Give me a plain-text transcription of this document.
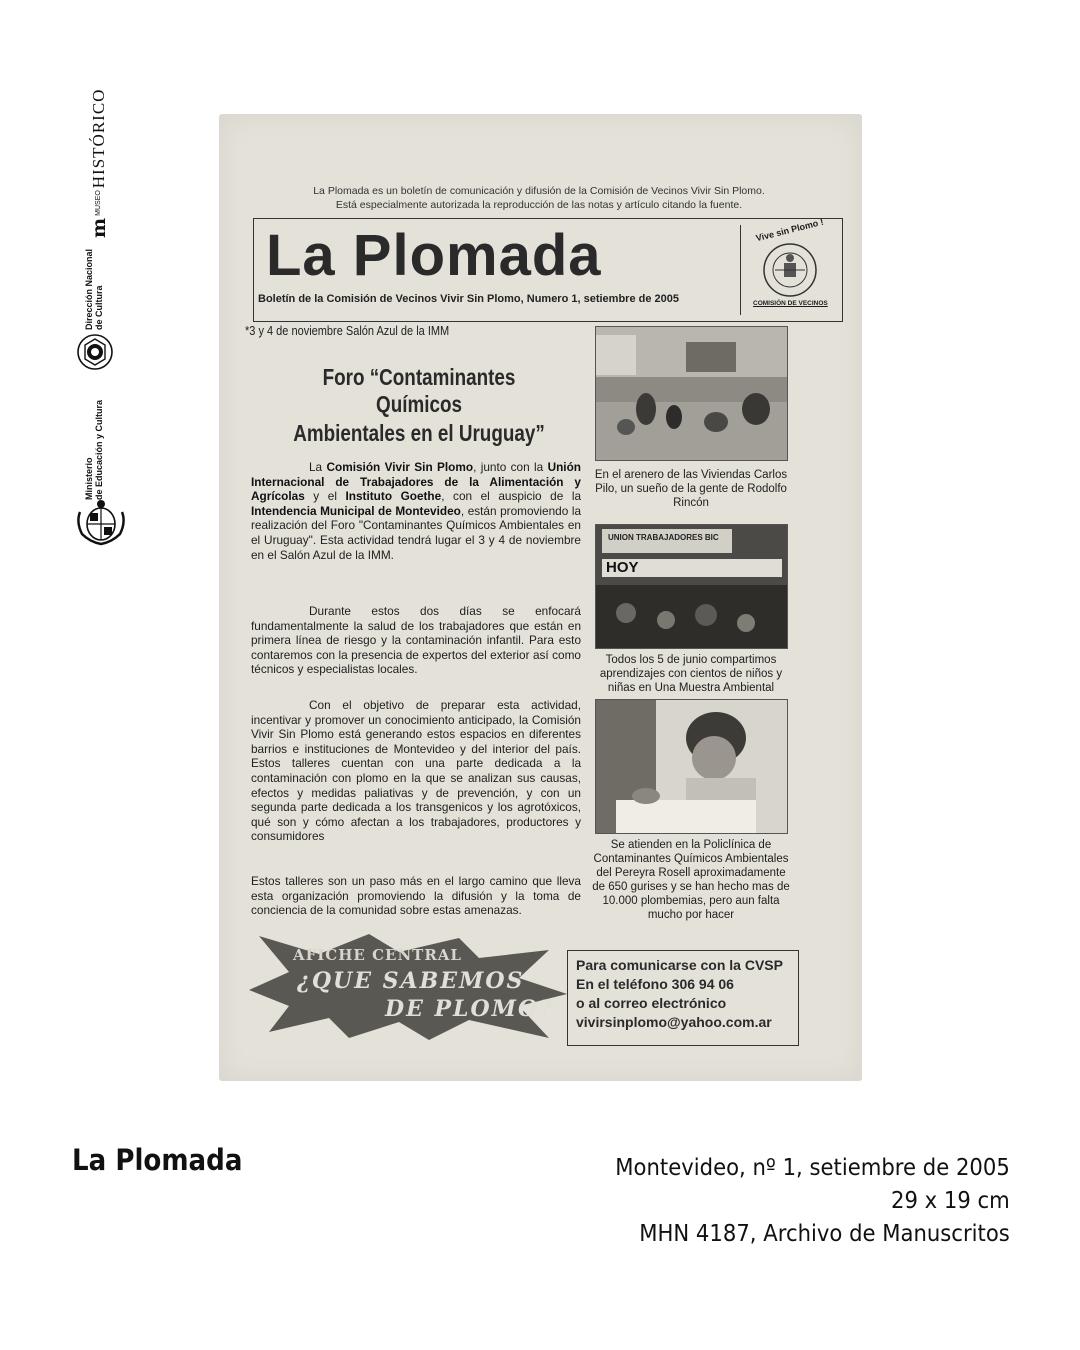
m
MUSEO
HISTÓRICO
Dirección Nacional de Cultura
Ministerio de Educación y Cultura
La Plomada es un boletín de comunicación y difusión de la Comisión de Vecinos Vivir Sin Plomo.
Está especialmente autorizada la reproducción de las notas y artículo citando la fuente.
La Plomada
Boletín de la Comisión de Vecinos Vivir Sin Plomo, Numero 1, setiembre de 2005
Vive sin Plomo !
COMISIÓN DE VECINOS
*3 y 4 de noviembre Salón Azul de la IMM
Foro “Contaminantes Químicos
Ambientales en el Uruguay”
La Comisión Vivir Sin Plomo, junto con la Unión Internacional de Trabajadores de la Alimentación y Agrícolas y el Instituto Goethe, con el auspicio de la Intendencia Municipal de Montevideo, están promoviendo la realización del Foro "Contaminantes Químicos Ambientales en el Uruguay". Esta actividad tendrá lugar el 3 y 4 de noviembre en el Salón Azul de la IMM.
Durante estos dos días se enfocará fundamentalmente la salud de los trabajadores que están en primera línea de riesgo y la contaminación infantil. Para esto contaremos con la presencia de expertos del exterior así como técnicos y especialistas locales.
Con el objetivo de preparar esta actividad, incentivar y promover un conocimiento anticipado, la Comisión Vivir Sin Plomo está generando estos espacios en diferentes barrios e instituciones de Montevideo y del interior del país. Estos talleres cuentan con una parte dedicada a la contaminación con plomo en la que se analizan sus causas, efectos y medidas paliativas y de prevención, y con un segunda parte dedicada a los transgenicos y los agrotóxicos, qué son y cómo afectan a los trabajadores, productores y consumidores
Estos talleres son un paso más en el largo camino que lleva esta organización promoviendo la difusión y la toma de conciencia de la comunidad sobre estas amenazas.
En el arenero de las Viviendas Carlos Pilo, un sueño de la gente de Rodolfo Rincón
UNION TRABAJADORES BIC
HOY
Todos los 5 de junio compartimos aprendizajes con cientos de niños y niñas en Una Muestra Ambiental
Se atienden en la Policlínica de Contaminantes Químicos Ambientales del Pereyra Rosell aproximadamente de 650 gurises y se han hecho mas de 10.000 plombemias, pero aun falta mucho por hacer
AFICHE CENTRAL
¿QUE SABEMOS
DE PLOMO?
Para comunicarse con la CVSP
En el teléfono 306 94 06
o al correo electrónico
vivirsinplomo@yahoo.com.ar
La Plomada	Montevideo, nº 1, setiembre de 2005
29 x 19 cm
MHN 4187, Archivo de Manuscritos
